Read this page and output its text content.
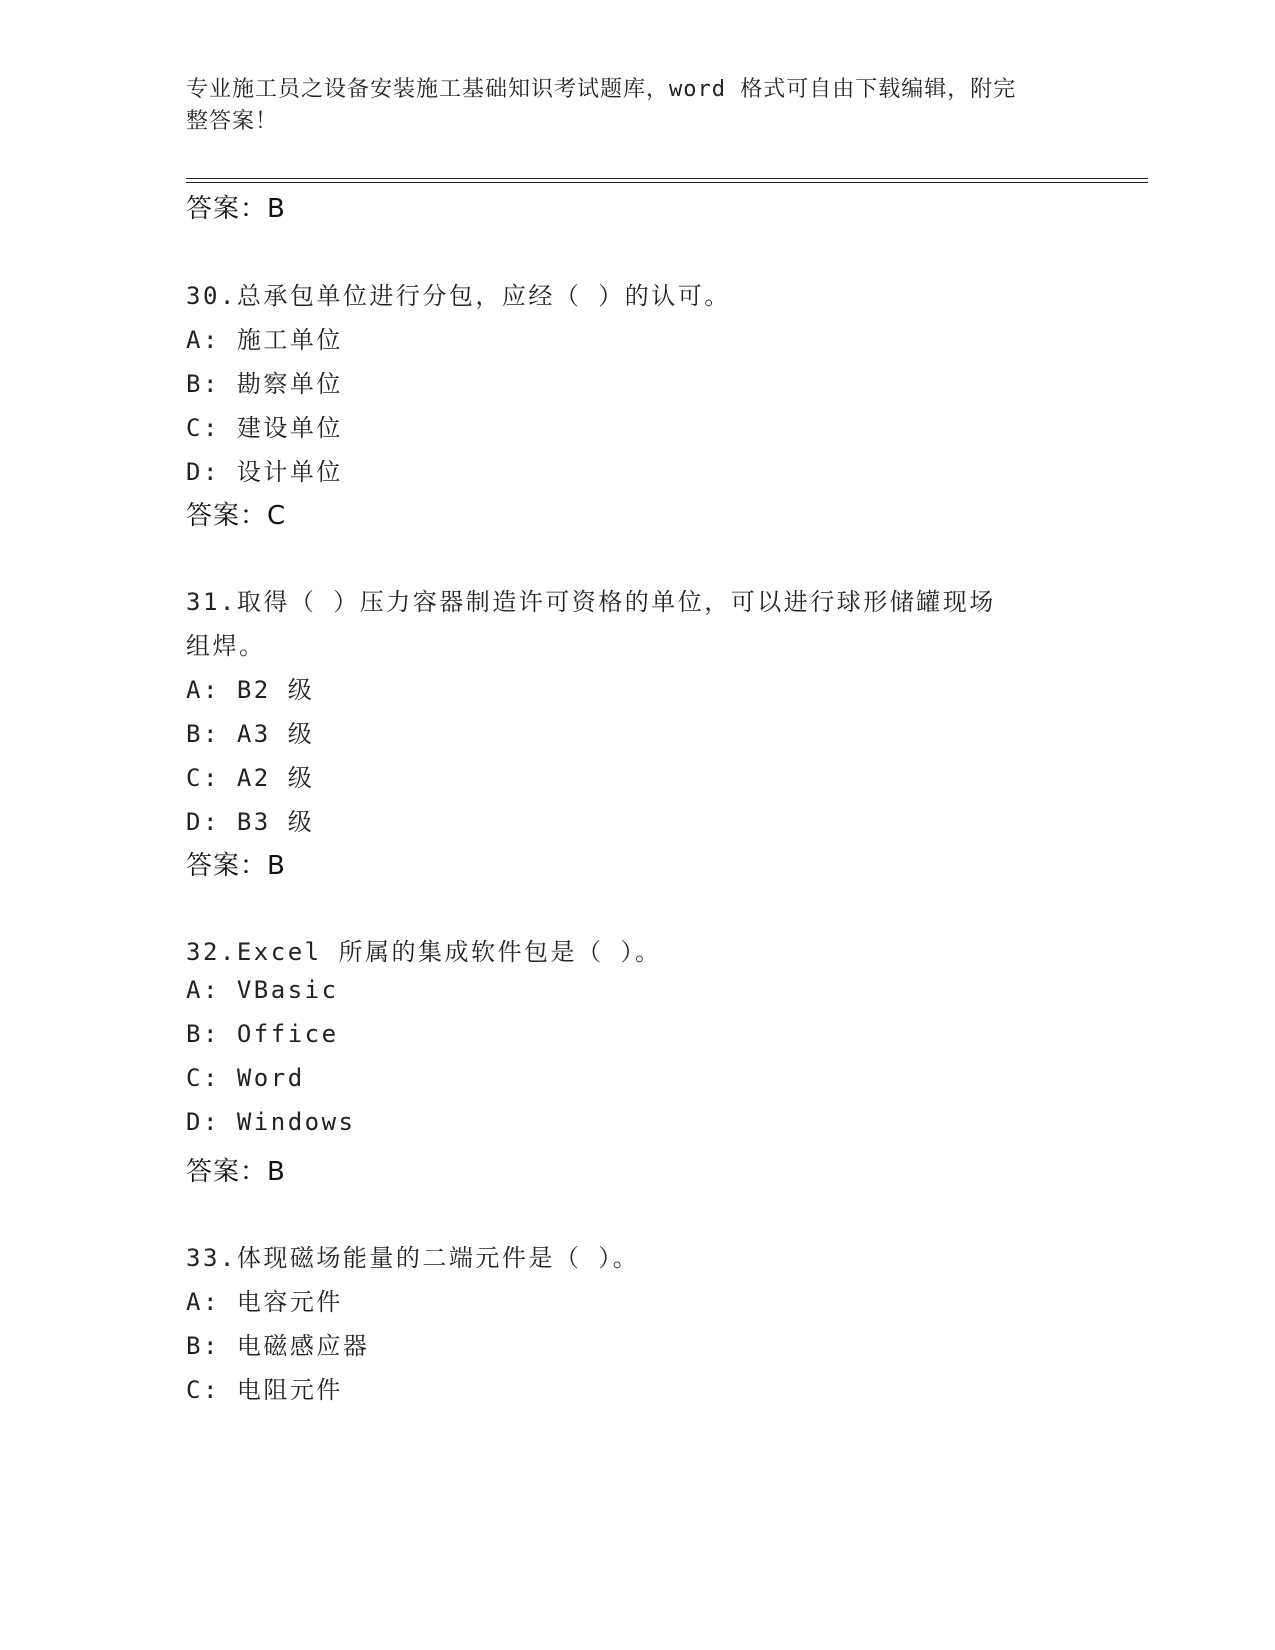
专业施工员之设备安装施工基础知识考试题库，word 格式可自由下载编辑，附完
整答案！
答案：B
30.总承包单位进行分包，应经（ ）的认可。
A: 施工单位
B: 勘察单位
C: 建设单位
D: 设计单位
答案：C
31.取得（ ）压力容器制造许可资格的单位，可以进行球形储罐现场
组焊。
A: B2 级
B: A3 级
C: A2 级
D: B3 级
答案：B
32.Excel 所属的集成软件包是（ ）。
A: VBasic
B: Office
C: Word
D: Windows
答案：B
33.体现磁场能量的二端元件是（ ）。
A: 电容元件
B: 电磁感应器
C: 电阻元件
